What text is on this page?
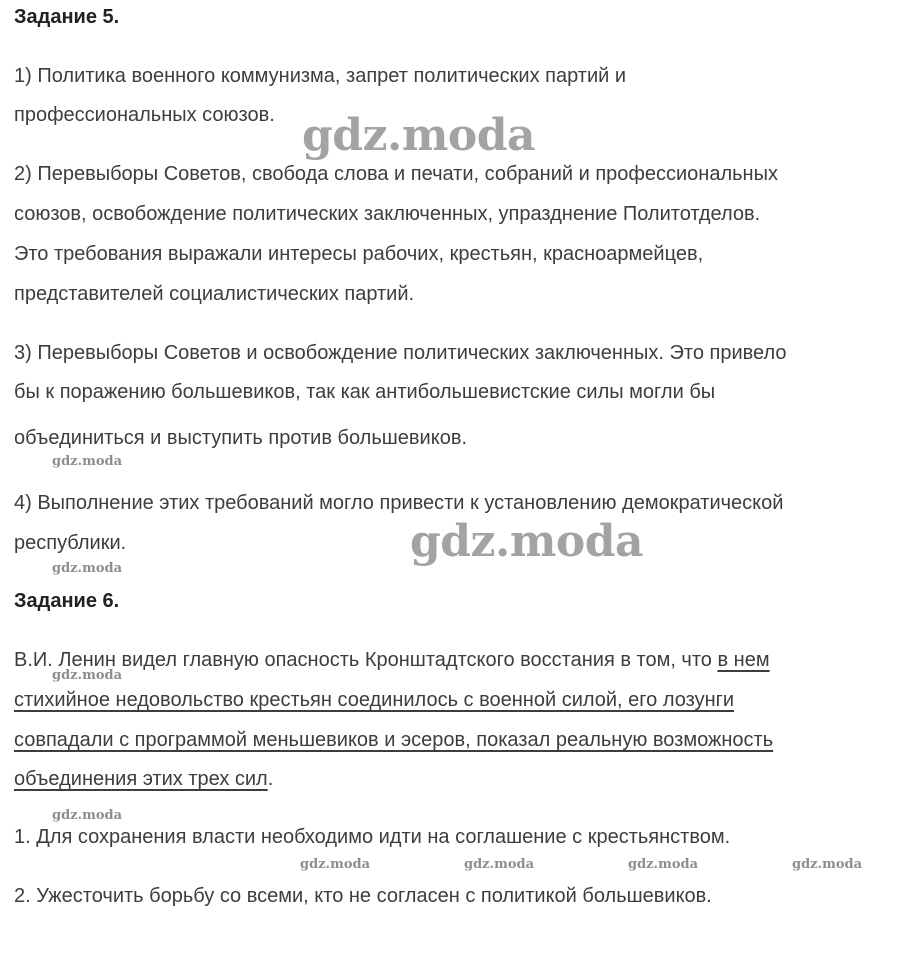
Задание 5.
1) Политика военного коммунизма, запрет политических партий и
профессиональных союзов.
2) Перевыборы Советов, свобода слова и печати, собраний и профессиональных
союзов, освобождение политических заключенных, упразднение Политотделов.
Это требования выражали интересы рабочих, крестьян, красноармейцев,
представителей социалистических партий.
3) Перевыборы Советов и освобождение политических заключенных. Это привело
бы к поражению большевиков, так как антибольшевистские силы могли бы
объединиться и выступить против большевиков.
4) Выполнение этих требований могло привести к установлению демократической
республики.
Задание 6.
В.И. Ленин видел главную опасность Кронштадтского восстания в том, что в нем
стихийное недовольство крестьян соединилось с военной силой, его лозунги
совпадали с программой меньшевиков и эсеров, показал реальную возможность
объединения этих трех сил.
1. Для сохранения власти необходимо идти на соглашение с крестьянством.
2. Ужесточить борьбу со всеми, кто не согласен с политикой большевиков.
gdz.moda
gdz.moda
gdz.moda
gdz.moda
gdz.moda
gdz.moda
gdz.moda	gdz.moda	gdz.moda	gdz.moda
